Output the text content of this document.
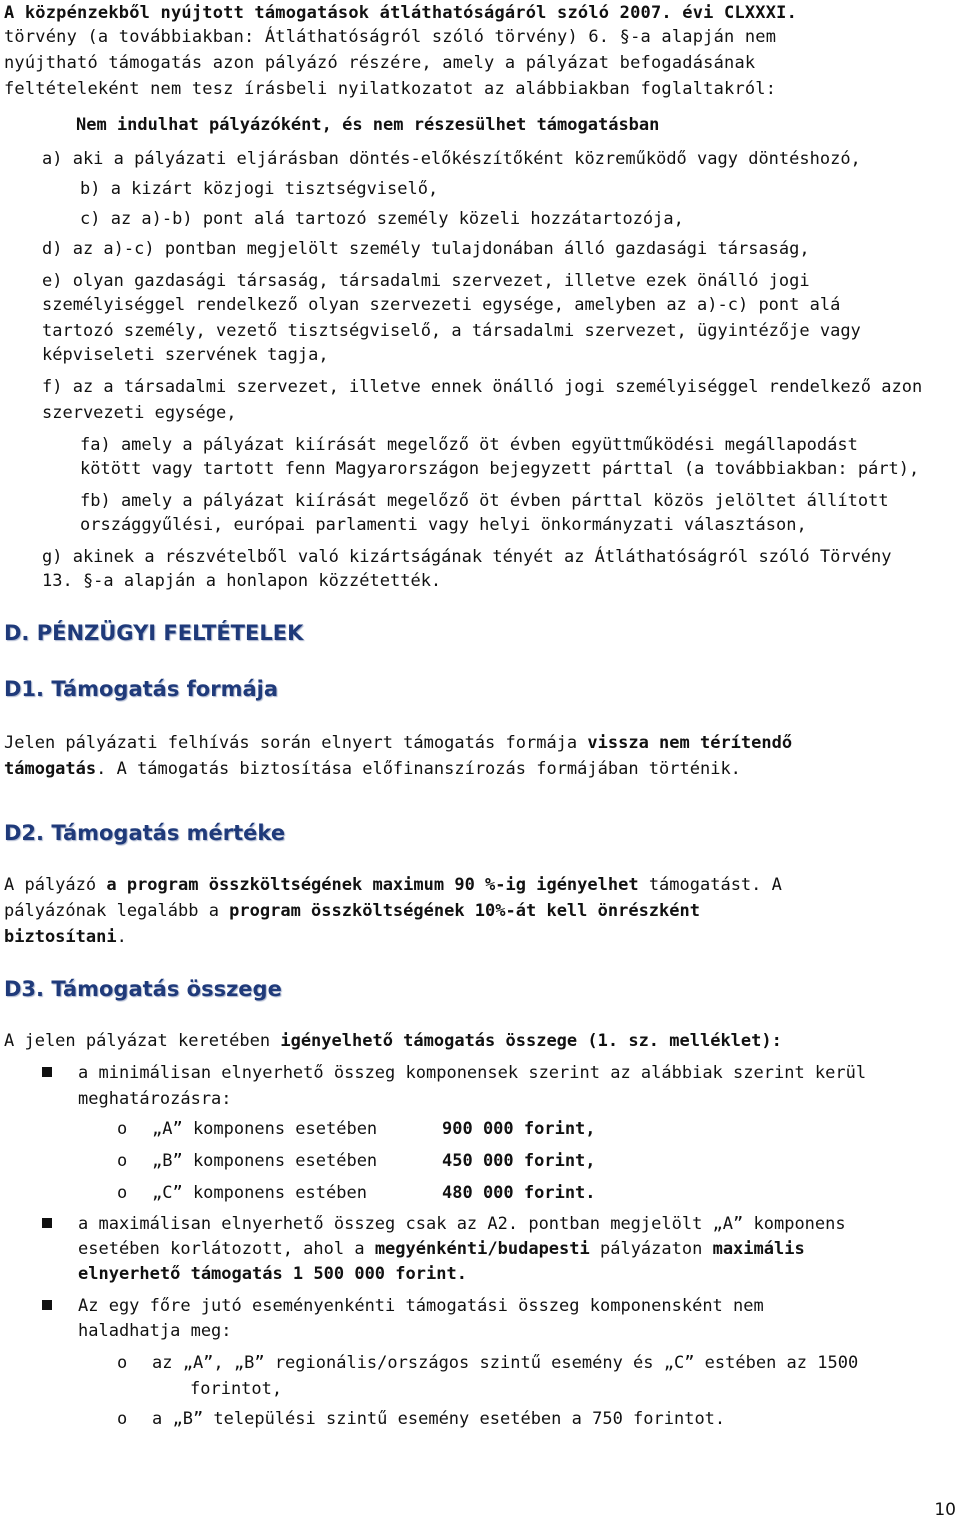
A közpénzekből nyújtott támogatások átláthatóságáról szóló 2007. évi CLXXXI.
törvény (a továbbiakban: Átláthatóságról szóló törvény) 6. §-a alapján nem
nyújtható támogatás azon pályázó részére, amely a pályázat befogadásának
feltételeként nem tesz írásbeli nyilatkozatot az alábbiakban foglaltakról:
Nem indulhat pályázóként, és nem részesülhet támogatásban
a) aki a pályázati eljárásban döntés-előkészítőként közreműködő vagy döntéshozó,
b) a kizárt közjogi tisztségviselő,
c) az a)-b) pont alá tartozó személy közeli hozzátartozója,
d) az a)-c) pontban megjelölt személy tulajdonában álló gazdasági társaság,
e) olyan gazdasági társaság, társadalmi szervezet, illetve ezek önálló jogi
személyiséggel rendelkező olyan szervezeti egysége, amelyben az a)-c) pont alá
tartozó személy, vezető tisztségviselő, a társadalmi szervezet, ügyintézője vagy
képviseleti szervének tagja,
f) az a társadalmi szervezet, illetve ennek önálló jogi személyiséggel rendelkező azon
szervezeti egysége,
fa) amely a pályázat kiírását megelőző öt évben együttműködési megállapodást
kötött vagy tartott fenn Magyarországon bejegyzett párttal (a továbbiakban: párt),
fb) amely a pályázat kiírását megelőző öt évben párttal közös jelöltet állított
országgyűlési, európai parlamenti vagy helyi önkormányzati választáson,
g) akinek a részvételből való kizártságának tényét az Átláthatóságról szóló Törvény
13. §-a alapján a honlapon közzétették.
D. PÉNZÜGYI FELTÉTELEK
D1. Támogatás formája
Jelen pályázati felhívás során elnyert támogatás formája vissza nem térítendő
támogatás. A támogatás biztosítása előfinanszírozás formájában történik.
D2. Támogatás mértéke
A pályázó a program összköltségének maximum 90 %-ig igényelhet támogatást. A
pályázónak legalább a program összköltségének 10%-át kell önrészként
biztosítani.
D3. Támogatás összege
A jelen pályázat keretében igényelhető támogatás összege (1. sz. melléklet):
a minimálisan elnyerhető összeg komponensek szerint az alábbiak szerint kerül
meghatározásra:
o „A” komponens esetében	900 000 forint,
o „B” komponens esetében	450 000 forint,
o „C” komponens estében	480 000 forint.
a maximálisan elnyerhető összeg csak az A2. pontban megjelölt „A” komponens
esetében korlátozott, ahol a megyénkénti/budapesti pályázaton maximális
elnyerhető támogatás 1 500 000 forint.
Az egy főre jutó eseményenkénti támogatási összeg komponensként nem
haladhatja meg:
o az „A”, „B” regionális/országos szintű esemény és „C” estében az 1500
forintot,
o a „B” települési szintű esemény esetében a 750 forintot.
10
